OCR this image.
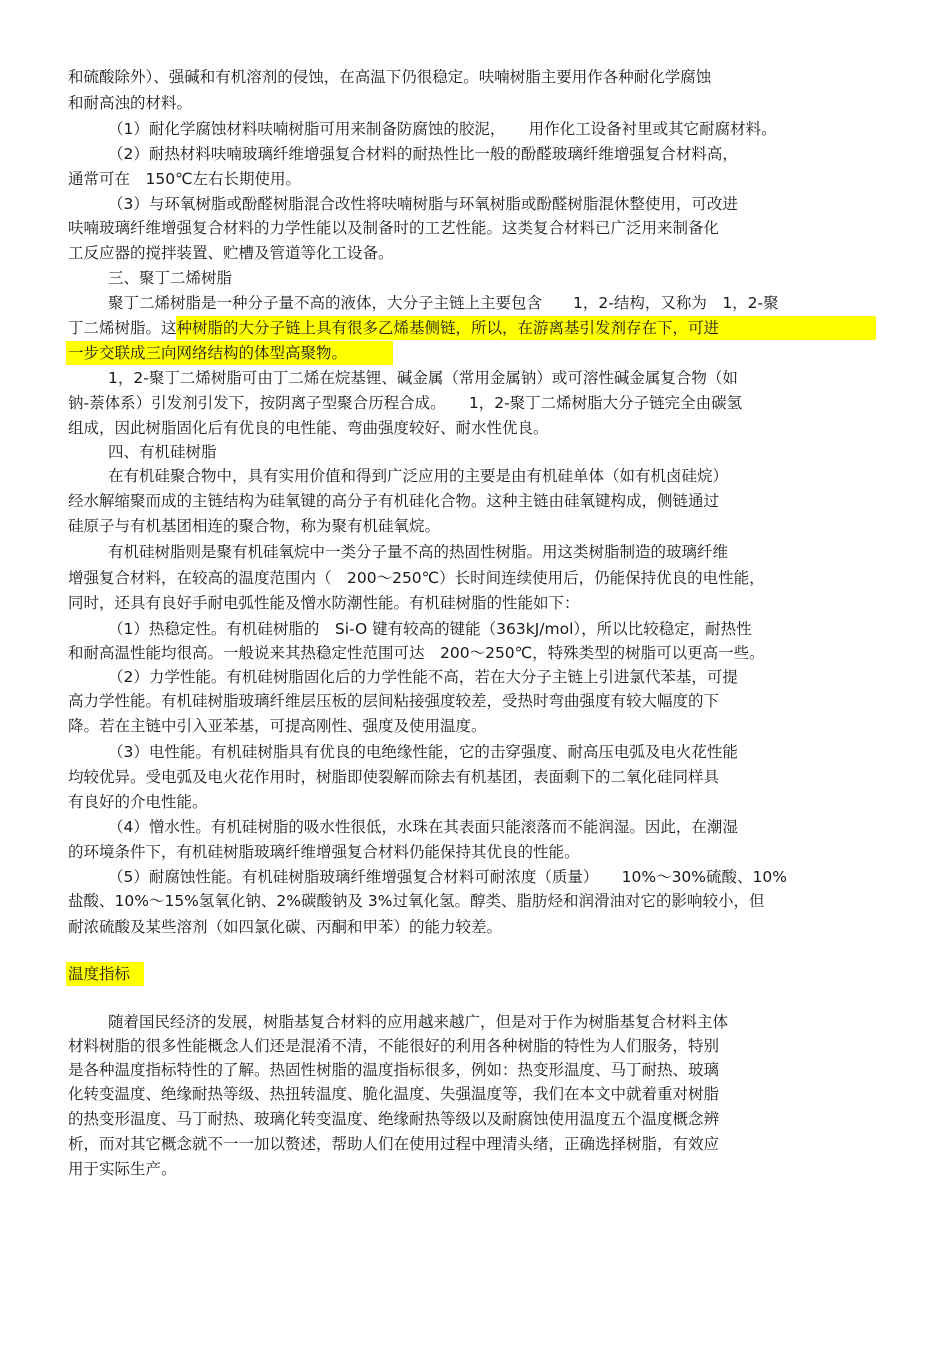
和硫酸除外）、强碱和有机溶剂的侵蚀，在高温下仍很稳定。呋喃树脂主要用作各种耐化学腐蚀

和耐高浊的材料。

（1）耐化学腐蚀材料呋喃树脂可用来制备防腐蚀的胶泥，　　用作化工设备衬里或其它耐腐材料。

（2）耐热材料呋喃玻璃纤维增强复合材料的耐热性比一般的酚醛玻璃纤维增强复合材料高，

通常可在　150℃左右长期使用。

（3）与环氧树脂或酚醛树脂混合改性将呋喃树脂与环氧树脂或酚醛树脂混休整使用，可改进

呋喃玻璃纤维增强复合材料的力学性能以及制备时的工艺性能。这类复合材料已广泛用来制备化

工反应器的搅拌装置、贮槽及管道等化工设备。

三、聚丁二烯树脂

聚丁二烯树脂是一种分子量不高的液体，大分子主链上主要包含　　1，2-结构，又称为　1，2-聚

丁二烯树脂。这种树脂的大分子链上具有很多乙烯基侧链，所以，在游离基引发剂存在下，可进

一步交联成三向网络结构的体型高聚物。

1，2-聚丁二烯树脂可由丁二烯在烷基锂、碱金属（常用金属钠）或可溶性碱金属复合物（如

钠-萘体系）引发剂引发下，按阴离子型聚合历程合成。　　1，2-聚丁二烯树脂大分子链完全由碳氢

组成，因此树脂固化后有优良的电性能、弯曲强度较好、耐水性优良。

四、有机硅树脂

在有机硅聚合物中，具有实用价值和得到广泛应用的主要是由有机硅单体（如有机卤硅烷）

经水解缩聚而成的主链结构为硅氧键的高分子有机硅化合物。这种主链由硅氧键构成，侧链通过

硅原子与有机基团相连的聚合物，称为聚有机硅氧烷。

有机硅树脂则是聚有机硅氧烷中一类分子量不高的热固性树脂。用这类树脂制造的玻璃纤维

增强复合材料，在较高的温度范围内（　200～250℃）长时间连续使用后，仍能保持优良的电性能，

同时，还具有良好手耐电弧性能及憎水防潮性能。有机硅树脂的性能如下：

（1）热稳定性。有机硅树脂的　Si-O 键有较高的键能（363kJ/mol），所以比较稳定，耐热性

和耐高温性能均很高。一般说来其热稳定性范围可达　200～250℃，特殊类型的树脂可以更高一些。

（2）力学性能。有机硅树脂固化后的力学性能不高，若在大分子主链上引进氯代苯基，可提

高力学性能。有机硅树脂玻璃纤维层压板的层间粘接强度较差，受热时弯曲强度有较大幅度的下

降。若在主链中引入亚苯基，可提高刚性、强度及使用温度。

（3）电性能。有机硅树脂具有优良的电绝缘性能，它的击穿强度、耐高压电弧及电火花性能

均较优异。受电弧及电火花作用时，树脂即使裂解而除去有机基团，表面剩下的二氧化硅同样具

有良好的介电性能。

（4）憎水性。有机硅树脂的吸水性很低，水珠在其表面只能滚落而不能润湿。因此，在潮湿

的环境条件下，有机硅树脂玻璃纤维增强复合材料仍能保持其优良的性能。

（5）耐腐蚀性能。有机硅树脂玻璃纤维增强复合材料可耐浓度（质量）　　10%～30%硫酸、10%

盐酸、10%～15%氢氧化钠、2%碳酸钠及 3%过氧化氢。醇类、脂肪烃和润滑油对它的影响较小，但

耐浓硫酸及某些溶剂（如四氯化碳、丙酮和甲苯）的能力较差。

温度指标

随着国民经济的发展，树脂基复合材料的应用越来越广，但是对于作为树脂基复合材料主体

材料树脂的很多性能概念人们还是混淆不清，不能很好的利用各种树脂的特性为人们服务，特别

是各种温度指标特性的了解。热固性树脂的温度指标很多，例如：热变形温度、马丁耐热、玻璃

化转变温度、绝缘耐热等级、热扭转温度、脆化温度、失强温度等，我们在本文中就着重对树脂

的热变形温度、马丁耐热、玻璃化转变温度、绝缘耐热等级以及耐腐蚀使用温度五个温度概念辨

析，而对其它概念就不一一加以赘述，帮助人们在使用过程中理清头绪，正确选择树脂，有效应

用于实际生产。
